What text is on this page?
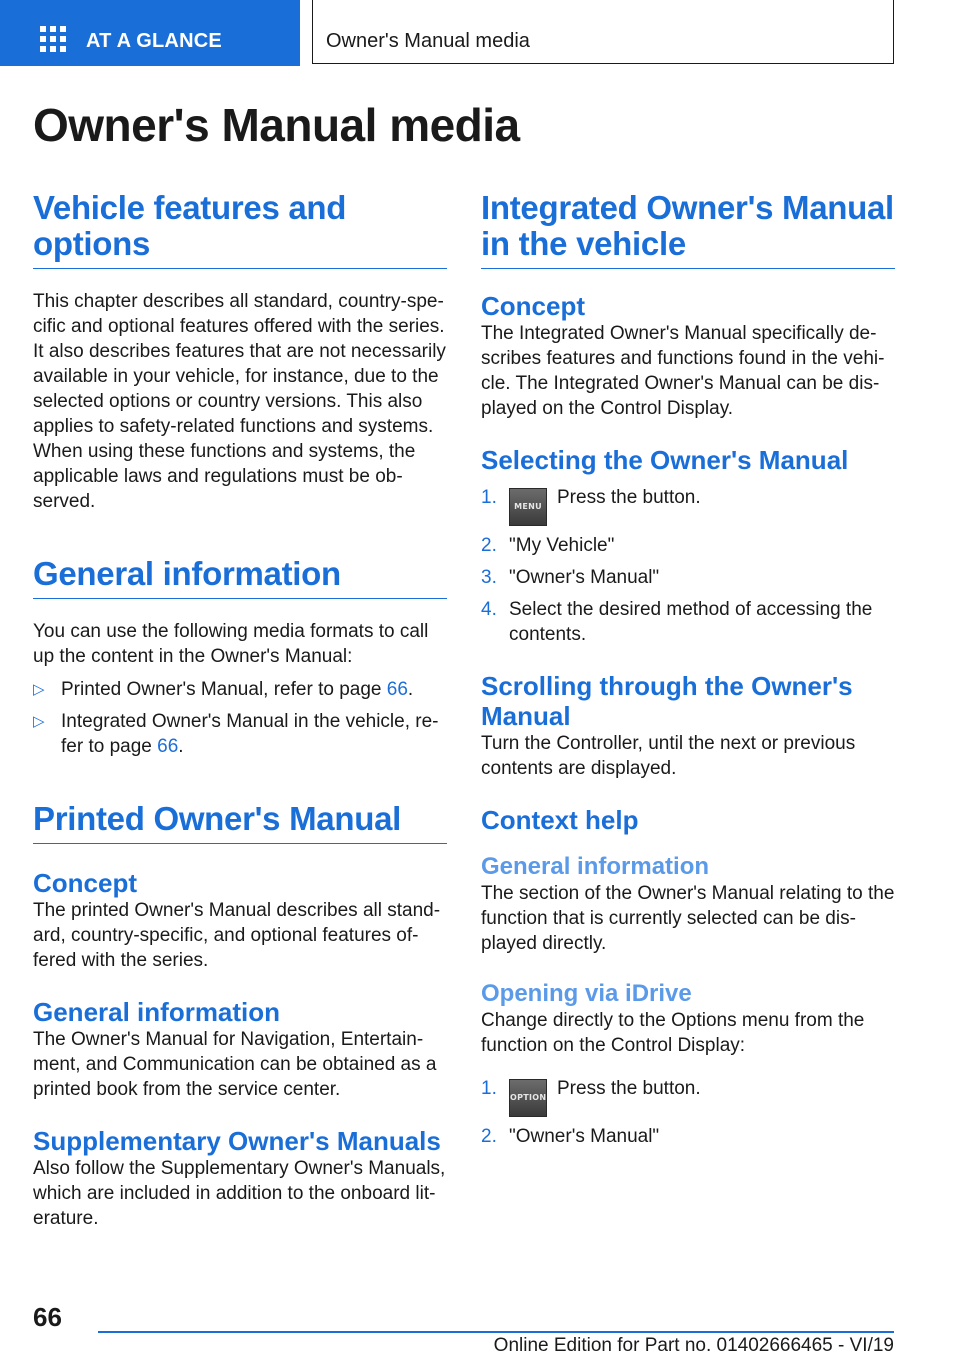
AT A GLANCE	Owner's Manual media
Owner's Manual media
Vehicle features and options

This chapter describes all standard, country-specific and optional features offered with the series. It also describes features that are not necessarily available in your vehicle, for instance, due to the selected options or country versions. This also applies to safety-related functions and systems. When using these functions and systems, the applicable laws and regulations must be observed.

General information

You can use the following media formats to call up the content in the Owner's Manual:

▷ Printed Owner's Manual, refer to page 66.
▷ Integrated Owner's Manual in the vehicle, refer to page 66.
Printed Owner's Manual
Concept

The printed Owner's Manual describes all standard, country-specific, and optional features offered with the series.

General information

The Owner's Manual for Navigation, Entertainment, and Communication can be obtained as a printed book from the service center.

Supplementary Owner's Manuals

Also follow the Supplementary Owner's Manuals, which are included in addition to the onboard literature.

Integrated Owner's Manual in the vehicle
Concept

The Integrated Owner's Manual specifically describes features and functions found in the vehicle. The Integrated Owner's Manual can be displayed on the Control Display.

Selecting the Owner's Manual
1. MENU Press the button.
2. "My Vehicle"
3. "Owner's Manual"
4. Select the desired method of accessing the contents.
Scrolling through the Owner's Manual

Turn the Controller, until the next or previous contents are displayed.

Context help
General information

The section of the Owner's Manual relating to the function that is currently selected can be displayed directly.

Opening via iDrive

Change directly to the Options menu from the function on the Control Display:

1. OPTION Press the button.
2. "Owner's Manual"
66
Online Edition for Part no. 01402666465 - VI/19
